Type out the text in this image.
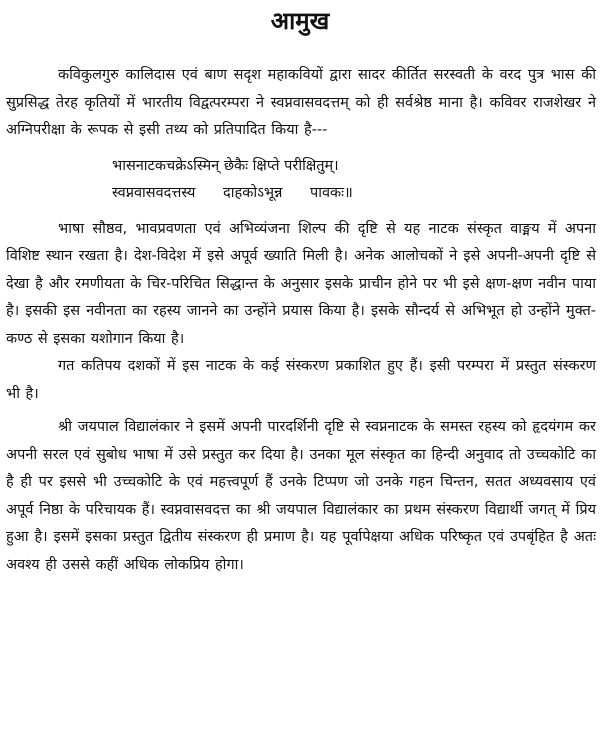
आमुख

कविकुलगुरु कालिदास एवं बाण सदृश महाकवियों द्वारा सादर कीर्तित सरस्वती के वरद पुत्र भास की सुप्रसिद्ध तेरह कृतियों में भारतीय विद्वत्परम्परा ने स्वप्नवासवदत्तम् को ही सर्वश्रेष्ठ माना है। कविवर राजशेखर ने अग्निपरीक्षा के रूपक से इसी तथ्य को प्रतिपादित किया है---

भासनाटकचक्रेऽस्मिन् छेकैः क्षिप्ते परीक्षितुम्।
स्वप्नवासवदत्तस्य      दाहकोऽभून्न      पावकः॥

भाषा सौष्ठव, भावप्रवणता एवं अभिव्यंजना शिल्प की दृष्टि से यह नाटक संस्कृत वाङ्मय में अपना विशिष्ट स्थान रखता है। देश-विदेश में इसे अपूर्व ख्याति मिली है। अनेक आलोचकों ने इसे अपनी-अपनी दृष्टि से देखा है और रमणीयता के चिर-परिचित सिद्धान्त के अनुसार इसके प्राचीन होने पर भी इसे क्षण-क्षण नवीन पाया है। इसकी इस नवीनता का रहस्य जानने का उन्होंने प्रयास किया है। इसके सौन्दर्य से अभिभूत हो उन्होंने मुक्त-कण्ठ से इसका यशोगान किया है।

गत कतिपय दशकों में इस नाटक के कई संस्करण प्रकाशित हुए हैं। इसी परम्परा में प्रस्तुत संस्करण भी है।

श्री जयपाल विद्यालंकार ने इसमें अपनी पारदर्शिनी दृष्टि से स्वप्ननाटक के समस्त रहस्य को हृदयंगम कर अपनी सरल एवं सुबोध भाषा में उसे प्रस्तुत कर दिया है। उनका मूल संस्कृत का हिन्दी अनुवाद तो उच्चकोटि का है ही पर इससे भी उच्चकोटि के एवं महत्त्वपूर्ण हैं उनके टिप्पण जो उनके गहन चिन्तन, सतत अध्यवसाय एवं अपूर्व निष्ठा के परिचायक हैं। स्वप्नवासवदत्त का श्री जयपाल विद्यालंकार का प्रथम संस्करण विद्यार्थी जगत् में प्रिय हुआ है। इसमें इसका प्रस्तुत द्वितीय संस्करण ही प्रमाण है। यह पूर्वापेक्षया अधिक परिष्कृत एवं उपबृंहित है अतः अवश्य ही उससे कहीं अधिक लोकप्रिय होगा।
